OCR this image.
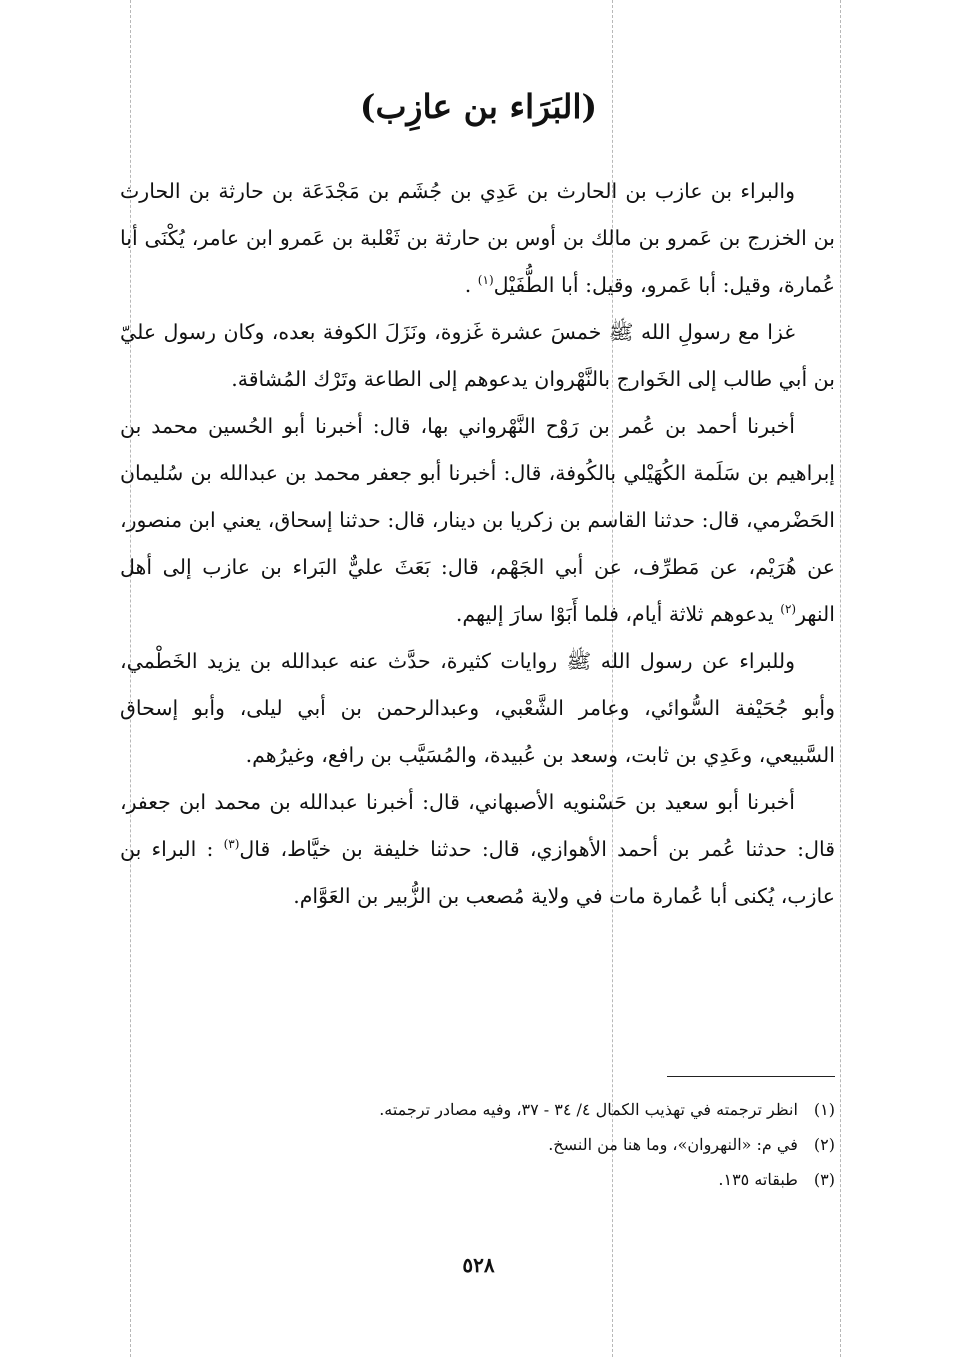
(البَرَاء بن عازِب)

والبراء بن عازب بن الحارث بن عَدِي بن جُشَم بن مَجْدَعَة بن حارثة بن الحارث بن الخزرج بن عَمرو بن مالك بن أوس بن حارثة بن ثَعْلبة بن عَمرو ابن عامر، يُكْنَى أبا عُمارة، وقيل: أبا عَمرو، وقيل: أبا الطُّفَيْل$^{(١)}$ .

غزا مع رسولِ الله ﷺ خمسَ عشرة غَزوة، ونَزَلَ الكوفة بعده، وكان رسول عليّ بن أبي طالب إلى الخَوارج بالنَّهْروان يدعوهم إلى الطاعة وتَرْك المُشاقة.

أخبرنا أحمد بن عُمر بن رَوْح النَّهْرواني بها، قال: أخبرنا أبو الحُسين محمد بن إبراهيم بن سَلَمة الكُهَيْلي بالكُوفة، قال: أخبرنا أبو جعفر محمد بن عبدالله بن سُليمان الحَضْرمي، قال: حدثنا القاسم بن زكريا بن دينار، قال: حدثنا إسحاق، يعني ابن منصور، عن هُرَيْم، عن مَطرِّف، عن أبي الجَهْم، قال: بَعَثَ عليٌّ البَراء بن عازب إلى أهل النهر$^{(٢)}$ يدعوهم ثلاثة أيام، فلما أَبَوْا سارَ إليهم.

وللبراء عن رسول الله ﷺ روايات كثيرة، حدَّث عنه عبدالله بن يزيد الخَطْمي، وأبو جُحَيْفة السُّوائي، وعامر الشَّعْبي، وعبدالرحمن بن أبي ليلى، وأبو إسحاق السَّبيعي، وعَدِي بن ثابت، وسعد بن عُبيدة، والمُسَيَّب بن رافع، وغيرُهم.

أخبرنا أبو سعيد بن حَسْنويه الأصبهاني، قال: أخبرنا عبدالله بن محمد ابن جعفر، قال: حدثنا عُمر بن أحمد الأهوازي، قال: حدثنا خليفة بن خيَّاط، قال$^{(٣)}$ : البراء بن عازب، يُكنى أبا عُمارة مات في ولاية مُصعب بن الزُّبير بن العَوَّام.

(١)انظر ترجمته في تهذيب الكمال ٤/ ٣٤ - ٣٧، وفيه مصادر ترجمته.
(٢)في م: «النهروان»، وما هنا من النسخ.
(٣)طبقاته ١٣٥.
٥٢٨
